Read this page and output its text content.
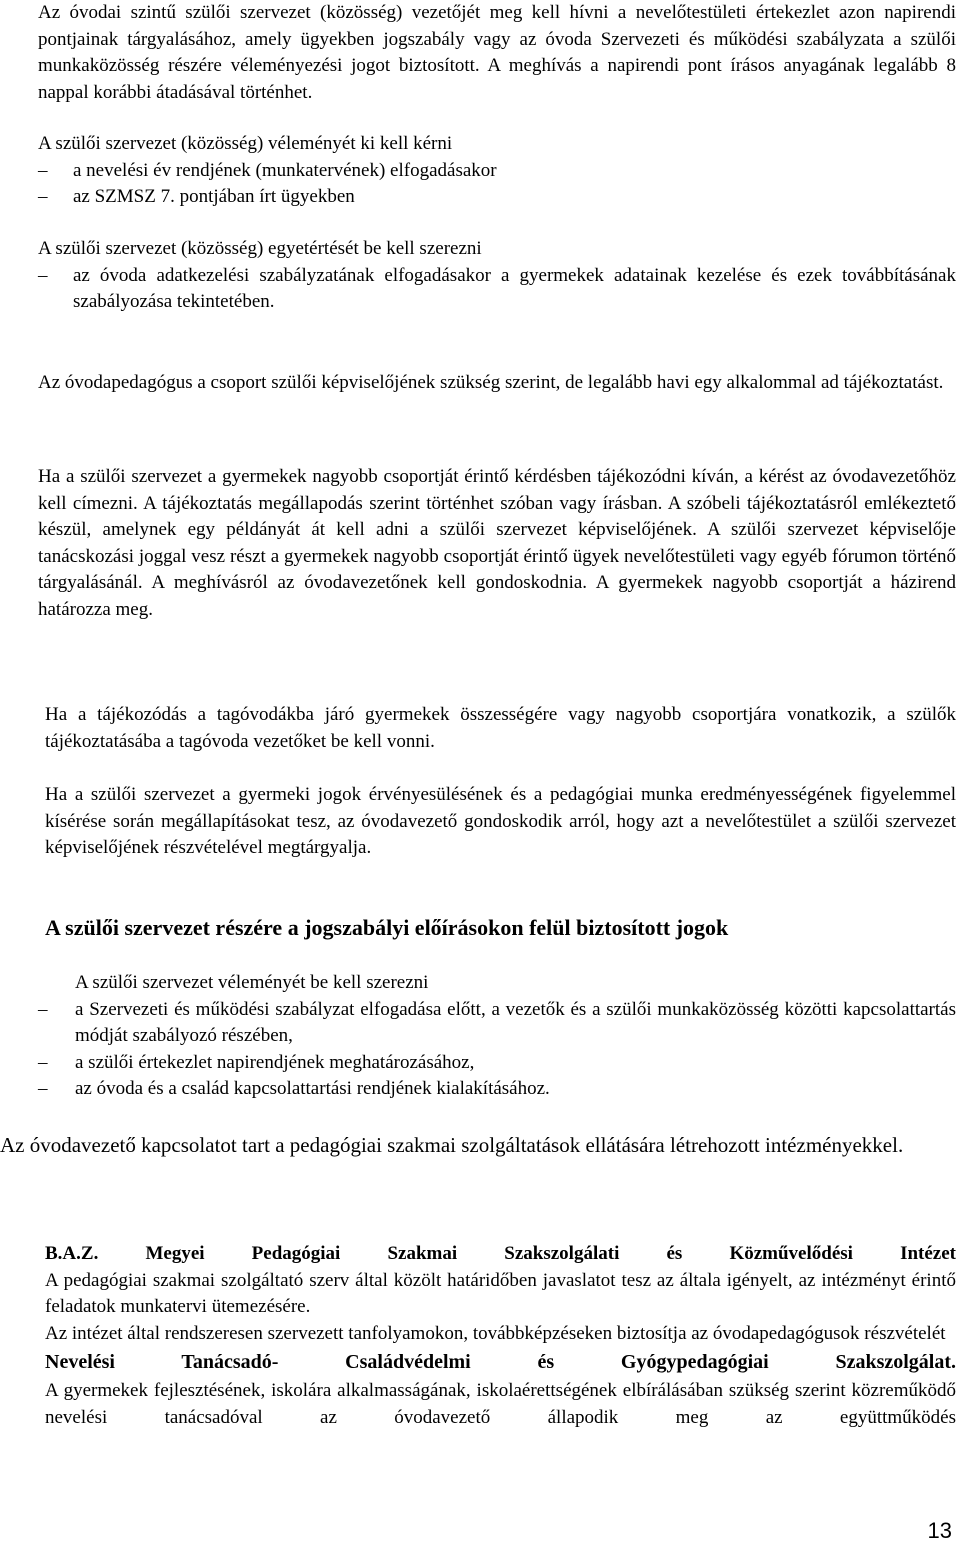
Az óvodai szintű szülői szervezet (közösség) vezetőjét meg kell hívni a nevelőtestületi értekezlet azon napirendi pontjainak tárgyalásához, amely ügyekben jogszabály vagy az óvoda Szervezeti és működési szabályzata a szülői munkaközösség részére véleményezési jogot biztosított. A meghívás a napirendi pont írásos anyagának legalább 8 nappal korábbi átadásával történhet.

A szülői szervezet (közösség) véleményét ki kell kérni

– a nevelési év rendjének (munkatervének) elfogadásakor

– az SZMSZ 7. pontjában írt ügyekben

A szülői szervezet (közösség) egyetértését be kell szerezni

– az óvoda adatkezelési szabályzatának elfogadásakor a gyermekek adatainak kezelése és ezek továbbításának szabályozása tekintetében.

Az óvodapedagógus a csoport szülői képviselőjének szükség szerint, de legalább havi egy alkalommal ad tájékoztatást.

Ha a szülői szervezet a gyermekek nagyobb csoportját érintő kérdésben tájékozódni kíván, a kérést az óvodavezetőhöz kell címezni. A tájékoztatás megállapodás szerint történhet szóban vagy írásban. A szóbeli tájékoztatásról emlékeztető készül, amelynek egy példányát át kell adni a szülői szervezet képviselőjének. A szülői szervezet képviselője tanácskozási joggal vesz részt a gyermekek nagyobb csoportját érintő ügyek nevelőtestületi vagy egyéb fórumon történő tárgyalásánál. A meghívásról az óvodavezetőnek kell gondoskodnia. A gyermekek nagyobb csoportját a házirend határozza meg.

Ha a tájékozódás a tagóvodákba járó gyermekek összességére vagy nagyobb csoportjára vonatkozik, a szülők tájékoztatásába a tagóvoda vezetőket be kell vonni.

Ha a szülői szervezet a gyermeki jogok érvényesülésének és a pedagógiai munka eredményességének figyelemmel kísérése során megállapításokat tesz, az óvodavezető gondoskodik arról, hogy azt a nevelőtestület a szülői szervezet képviselőjének részvételével megtárgyalja.

A szülői szervezet részére a jogszabályi előírásokon felül biztosított jogok

A szülői szervezet véleményét be kell szerezni

– a Szervezeti és működési szabályzat elfogadása előtt, a vezetők és a szülői munkaközösség közötti kapcsolattartás módját szabályozó részében,

– a szülői értekezlet napirendjének meghatározásához,

– az óvoda és a család kapcsolattartási rendjének kialakításához.

Az óvodavezető kapcsolatot tart a pedagógiai szakmai szolgáltatások ellátására létrehozott intézményekkel.

B.A.Z. Megyei Pedagógiai Szakmai Szakszolgálati és Közművelődési Intézet

A pedagógiai szakmai szolgáltató szerv által közölt határidőben javaslatot tesz az általa igényelt, az intézményt érintő feladatok munkatervi ütemezésére.

Az intézet által rendszeresen szervezett tanfolyamokon, továbbképzéseken biztosítja az óvodapedagógusok részvételét

Nevelési Tanácsadó- Családvédelmi és Gyógypedagógiai Szakszolgálat.

A gyermekek fejlesztésének, iskolára alkalmasságának, iskolaérettségének elbírálásában szükség szerint közreműködő nevelési tanácsadóval az óvodavezető állapodik meg az együttműködés

13
